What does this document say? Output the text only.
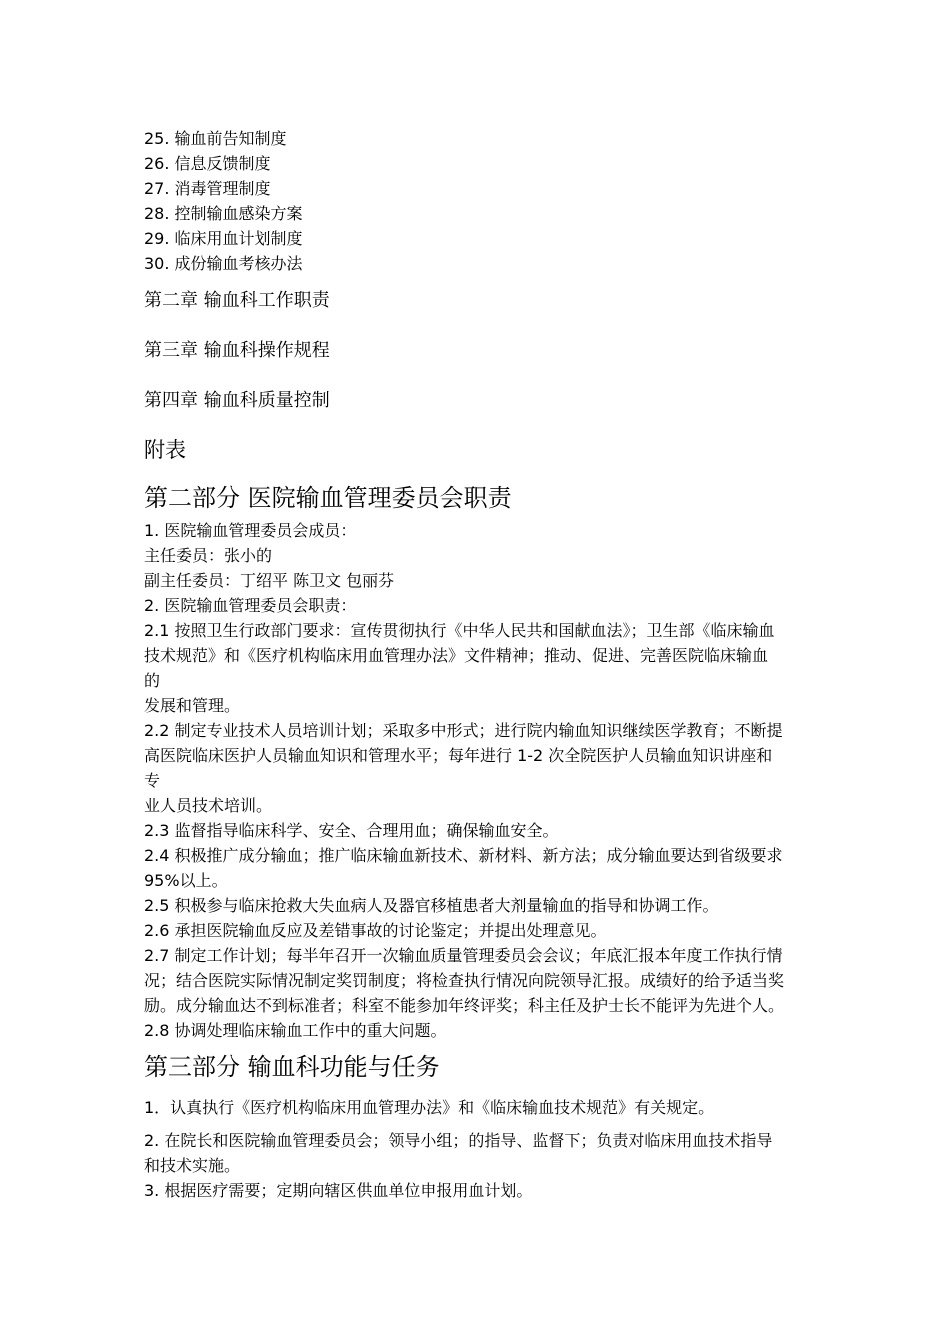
25. 输血前告知制度
26. 信息反馈制度
27. 消毒管理制度
28. 控制输血感染方案
29. 临床用血计划制度
30. 成份输血考核办法
第二章 输血科工作职责
第三章 输血科操作规程
第四章 输血科质量控制
附表
第二部分 医院输血管理委员会职责
1. 医院输血管理委员会成员：
主任委员：张小的
副主任委员：丁绍平 陈卫文 包丽芬
2. 医院输血管理委员会职责：
2.1 按照卫生行政部门要求：宣传贯彻执行《中华人民共和国献血法》；卫生部《临床输血
技术规范》和《医疗机构临床用血管理办法》文件精神；推动、促进、完善医院临床输血
的
发展和管理。
2.2 制定专业技术人员培训计划；采取多中形式；进行院内输血知识继续医学教育；不断提
高医院临床医护人员输血知识和管理水平；每年进行 1-2 次全院医护人员输血知识讲座和
专
业人员技术培训。
2.3 监督指导临床科学、安全、合理用血；确保输血安全。
2.4 积极推广成分输血；推广临床输血新技术、新材料、新方法；成分输血要达到省级要求
95%以上。
2.5 积极参与临床抢救大失血病人及器官移植患者大剂量输血的指导和协调工作。
2.6 承担医院输血反应及差错事故的讨论鉴定；并提出处理意见。
2.7 制定工作计划；每半年召开一次输血质量管理委员会会议；年底汇报本年度工作执行情
况；结合医院实际情况制定奖罚制度；将检查执行情况向院领导汇报。成绩好的给予适当奖
励。成分输血达不到标准者；科室不能参加年终评奖；科主任及护士长不能评为先进个人。
2.8 协调处理临床输血工作中的重大问题。
第三部分 输血科功能与任务
1．认真执行《医疗机构临床用血管理办法》和《临床输血技术规范》有关规定。
2. 在院长和医院输血管理委员会；领导小组；的指导、监督下；负责对临床用血技术指导
和技术实施。
3. 根据医疗需要；定期向辖区供血单位申报用血计划。
